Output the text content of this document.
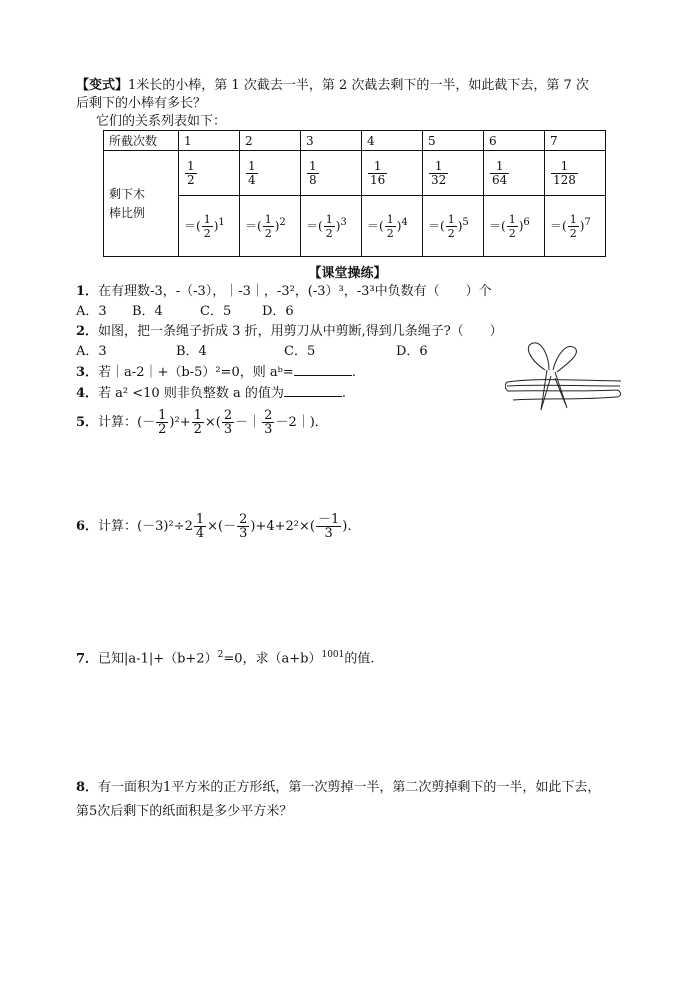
【变式】1米长的小棒，第 1 次截去一半，第 2 次截去剩下的一半，如此截下去，第 7 次
后剩下的小棒有多长？
它们的关系列表如下：
所截次数	1	2	3	4	5	6	7
剩下木
棒比例	$\frac{1}{2}$	$\frac{1}{4}$	$\frac{1}{8}$	$\frac{1}{16}$	$\frac{1}{32}$	$\frac{1}{64}$	$\frac{1}{128}$

	＝( $\frac{1}{2} )^1$	＝( $\frac{1}{2} )^2$	＝( $\frac{1}{2} )^3$	＝( $\frac{1}{2} )^4$	＝( $\frac{1}{2} )^5$	＝( $\frac{1}{2} )^6$	＝( $\frac{1}{2} )^7$
【课堂操练】
1．在有理数-3，-（-3），｜-3｜，-3²，(-3）³，-3³中负数有（　　）个
A．3 B．4	C．5 D．6
2．如图，把一条绳子折成 3 折，用剪刀从中剪断,得到几条绳子?（　　）
A．3	B．4	C．5	D．6
3．若｜a-2｜+（b-5）²=0，则 aᵇ=	.
4．若 a² <10 则非负整数 a 的值为	.
5．计算：(－ $\frac{1}{2} )^2+ \frac{1}{2}$ ×( $\frac{2}{3}$ －｜ $\frac{2}{3}$ －2｜)．
6．计算：$(-3)^2\div 2 \frac{1}{4}$ ×(－ $\frac{2}{3} )+4+2^2\times( \frac{-1}{3}$ ).
7．已知$|a-1|+(b+2)^2=0$，求$(a+b)^{1001}$的值.
8．有一面积为1平方米的正方形纸，第一次剪掉一半，第二次剪掉剩下的一半，如此下去，
第5次后剩下的纸面积是多少平方米？
